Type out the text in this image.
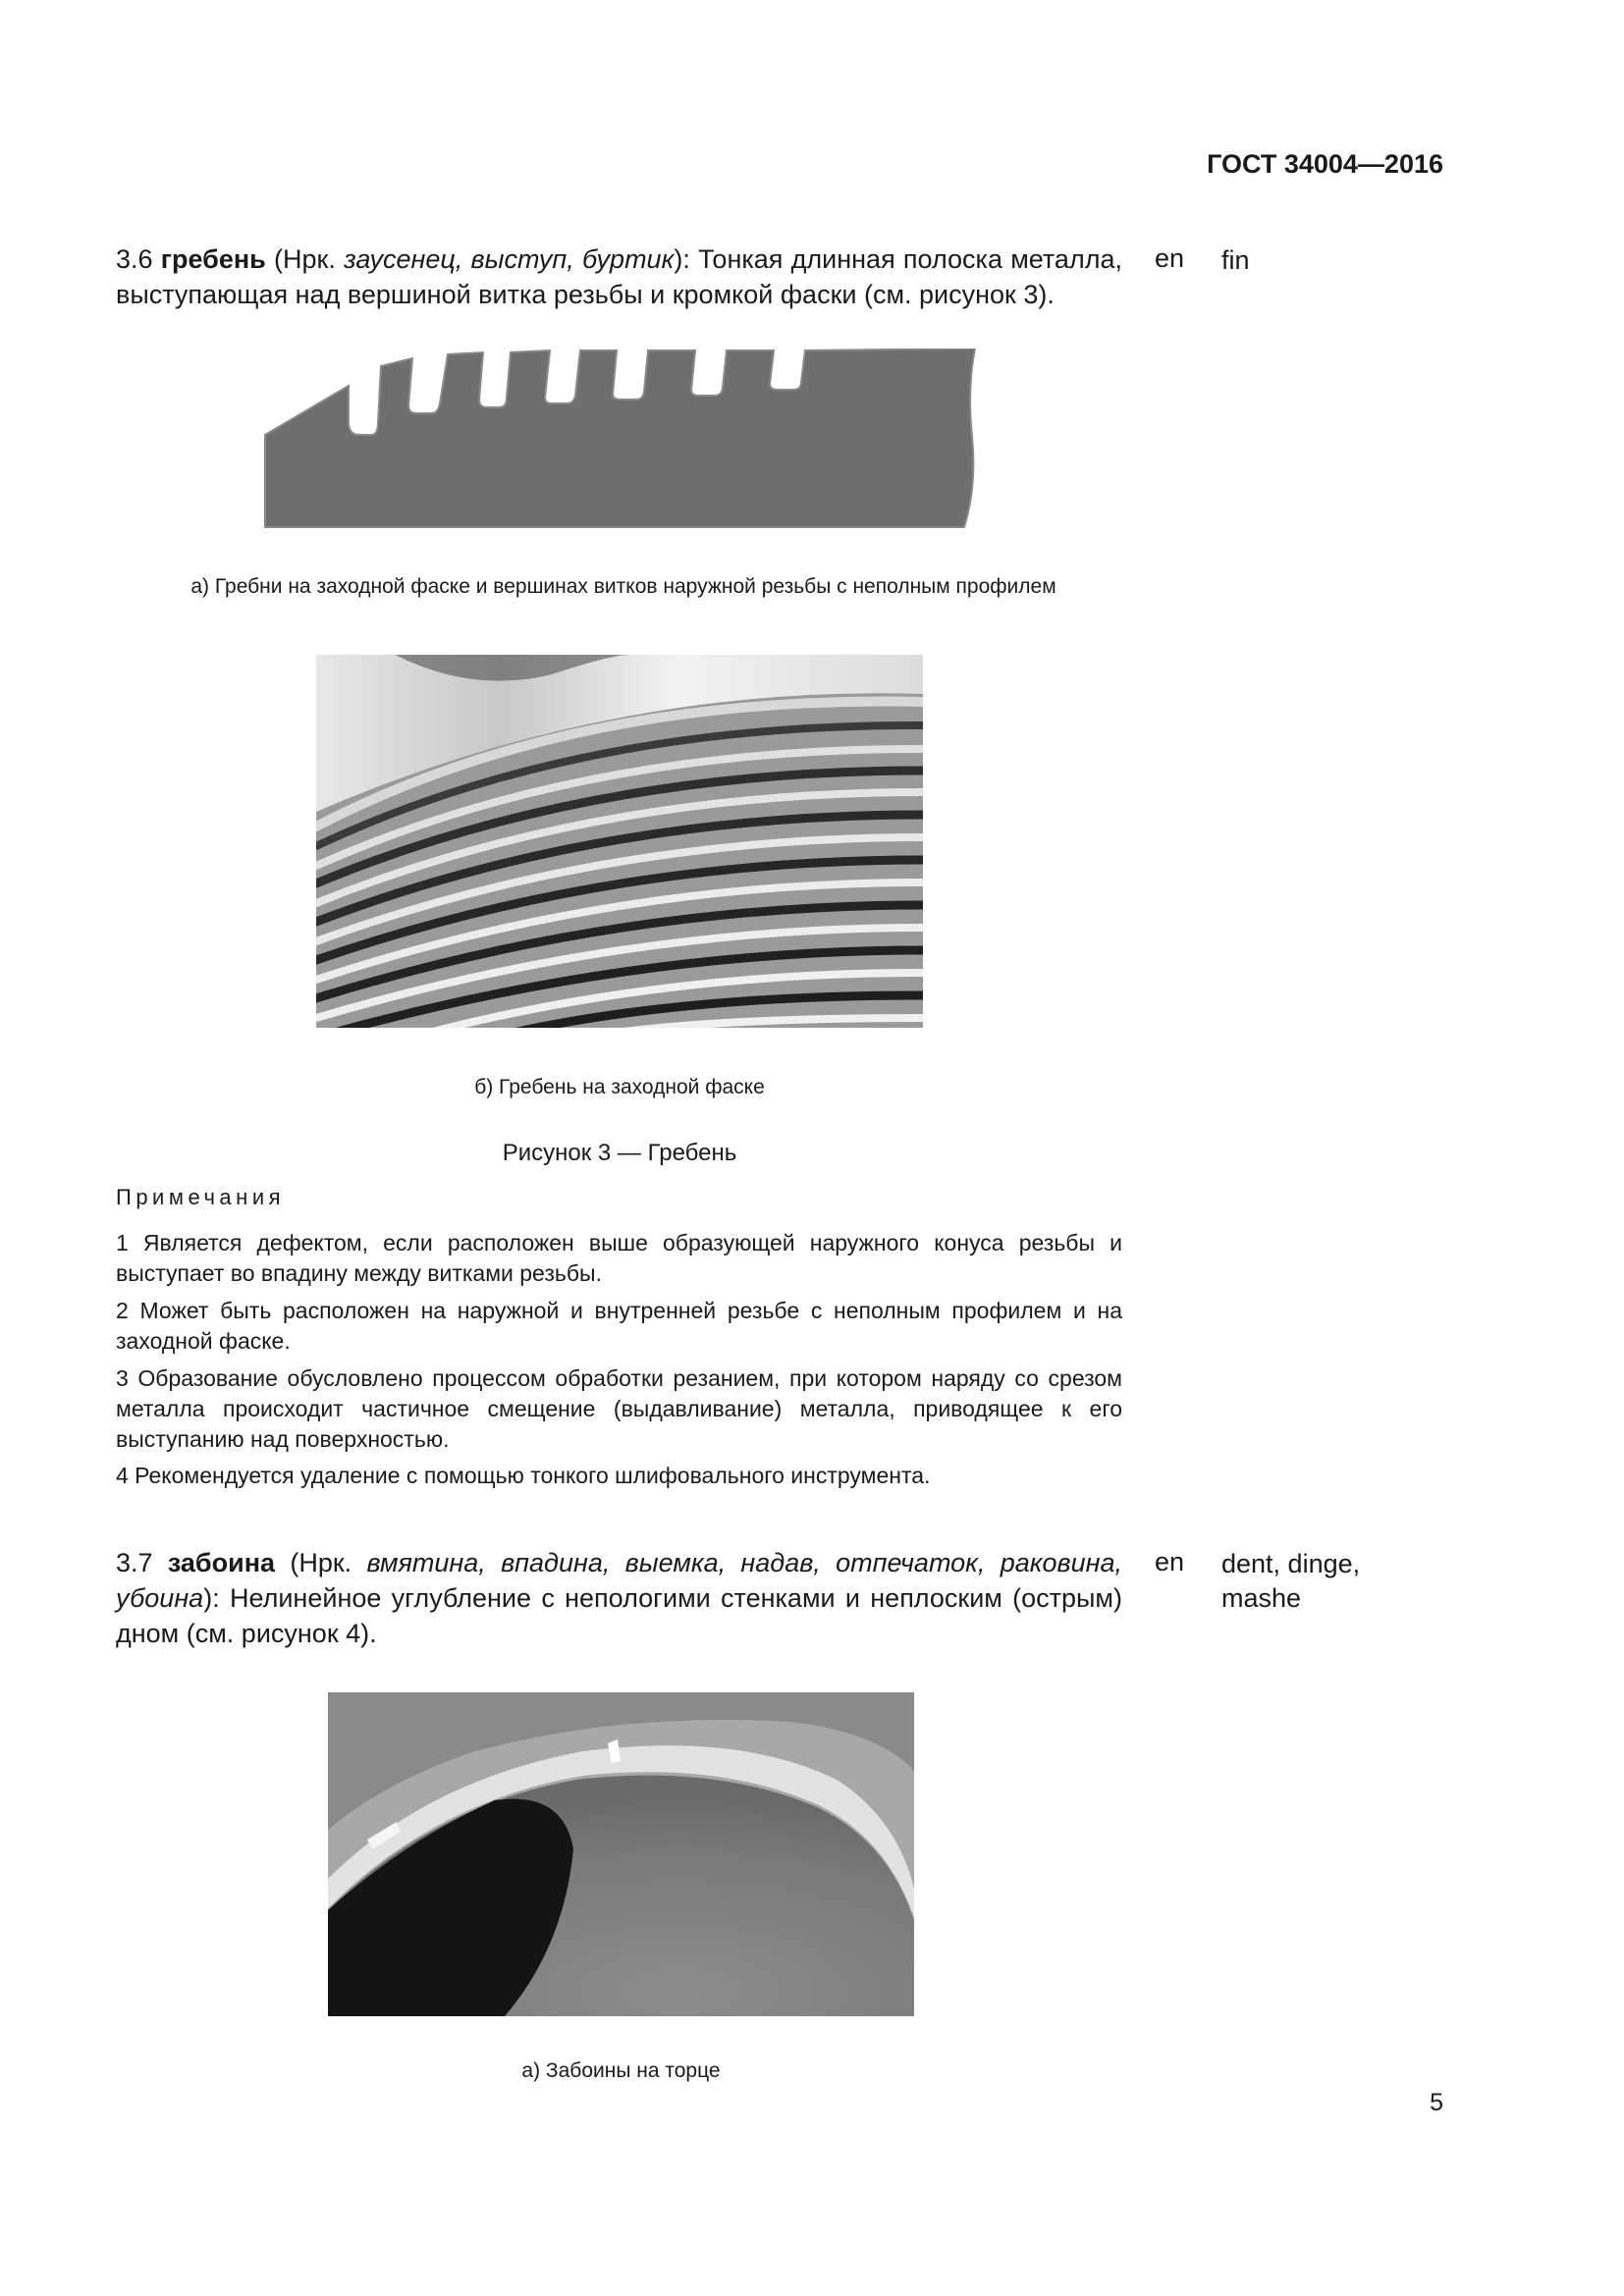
ГОСТ 34004—2016
3.6 гребень (Нрк. заусенец, выступ, буртик): Тонкая длинная полоска металла, выступающая над вершиной витка резьбы и кромкой фаски (см. рисунок 3).
en fin
а) Гребни на заходной фаске и вершинах витков наружной резьбы с неполным профилем
б) Гребень на заходной фаске
Рисунок 3 — Гребень
Примечания
1 Является дефектом, если расположен выше образующей наружного конуса резьбы и выступает во впадину между витками резьбы.
2 Может быть расположен на наружной и внутренней резьбе с неполным профилем и на заходной фаске.
3 Образование обусловлено процессом обработки резанием, при котором наряду со срезом металла происходит частичное смещение (выдавливание) металла, приводящее к его выступанию над поверхностью.
4 Рекомендуется удаление с помощью тонкого шлифовального инструмента.
3.7 забоина (Нрк. вмятина, впадина, выемка, надав, отпечаток, раковина, убоина): Нелинейное углубление с непологими стенками и неплоским (острым) дном (см. рисунок 4).
en dent, dinge,
mashe
а) Забоины на торце
5
